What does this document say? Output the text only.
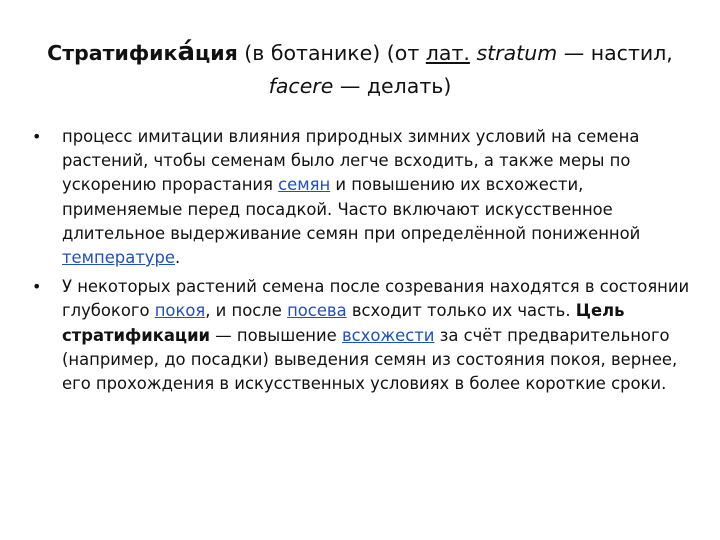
Стратифика́ция (в ботанике) (от лат. stratum — настил, facere — делать)
• процесс имитации влияния природных зимних условий на семена растений, чтобы семенам было легче всходить, а также меры по ускорению прорастания семян и повышению их всхожести, применяемые перед посадкой. Часто включают искусственное длительное выдерживание семян при определённой пониженной температуре.
• У некоторых растений семена после созревания находятся в состоянии глубокого покоя, и после посева всходит только их часть. Цель стратификации — повышение всхожести за счёт предварительного (например, до посадки) выведения семян из состояния покоя, вернее, его прохождения в искусственных условиях в более короткие сроки.
